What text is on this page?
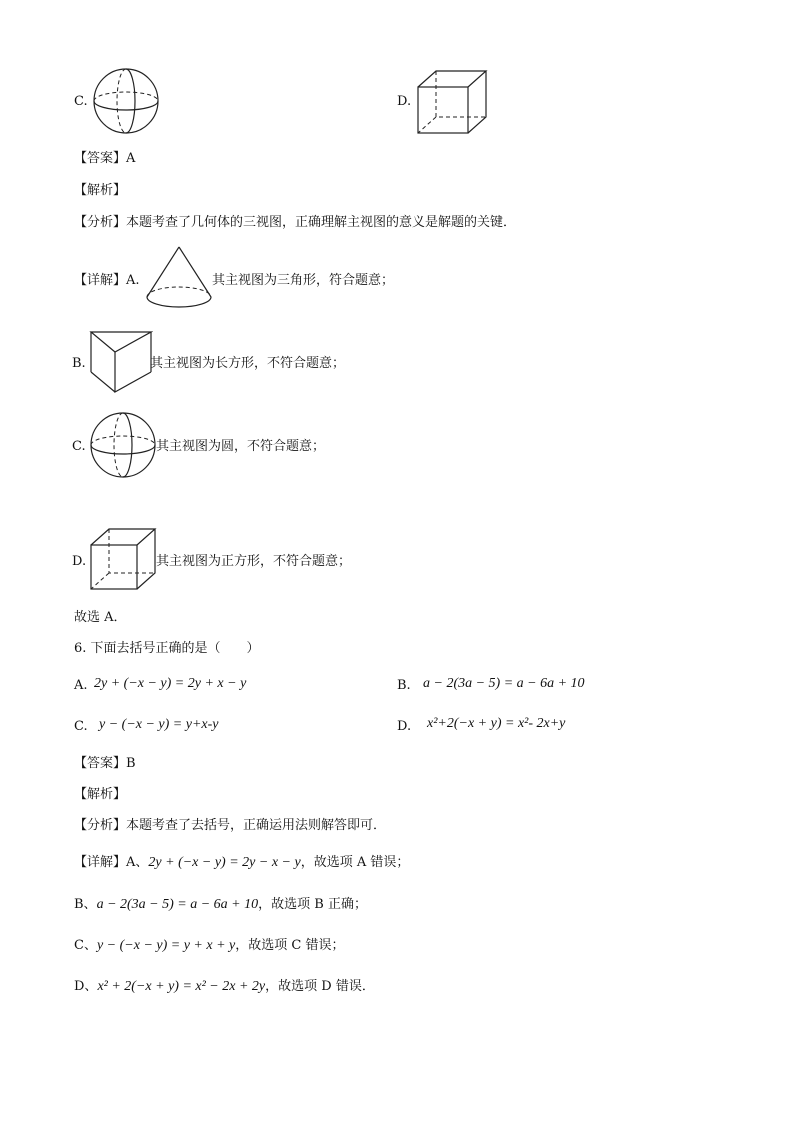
C.	D.
【答案】A
【解析】
【分析】本题考查了几何体的三视图，正确理解主视图的意义是解题的关键．
【详解】A.	其主视图为三角形，符合题意；
B.	其主视图为长方形，不符合题意；
C.	其主视图为圆，不符合题意；
D.	其主视图为正方形，不符合题意；
故选 A．
6. 下面去括号正确的是（　　）
A. 2y + (−x − y) = 2y + x − y	B. a − 2(3a − 5) = a − 6a + 10
C. y − (−x − y) = y+x-y	D. x²+2(−x + y) = x²- 2x+y
【答案】B
【解析】
【分析】本题考查了去括号，正确运用法则解答即可．
【详解】A、2y + (−x − y) = 2y − x − y，故选项 A 错误；
B、a − 2(3a − 5) = a − 6a + 10，故选项 B 正确；
C、y − (−x − y) = y + x + y，故选项 C 错误；
D、x² + 2(−x + y) = x² − 2x + 2y，故选项 D 错误．
